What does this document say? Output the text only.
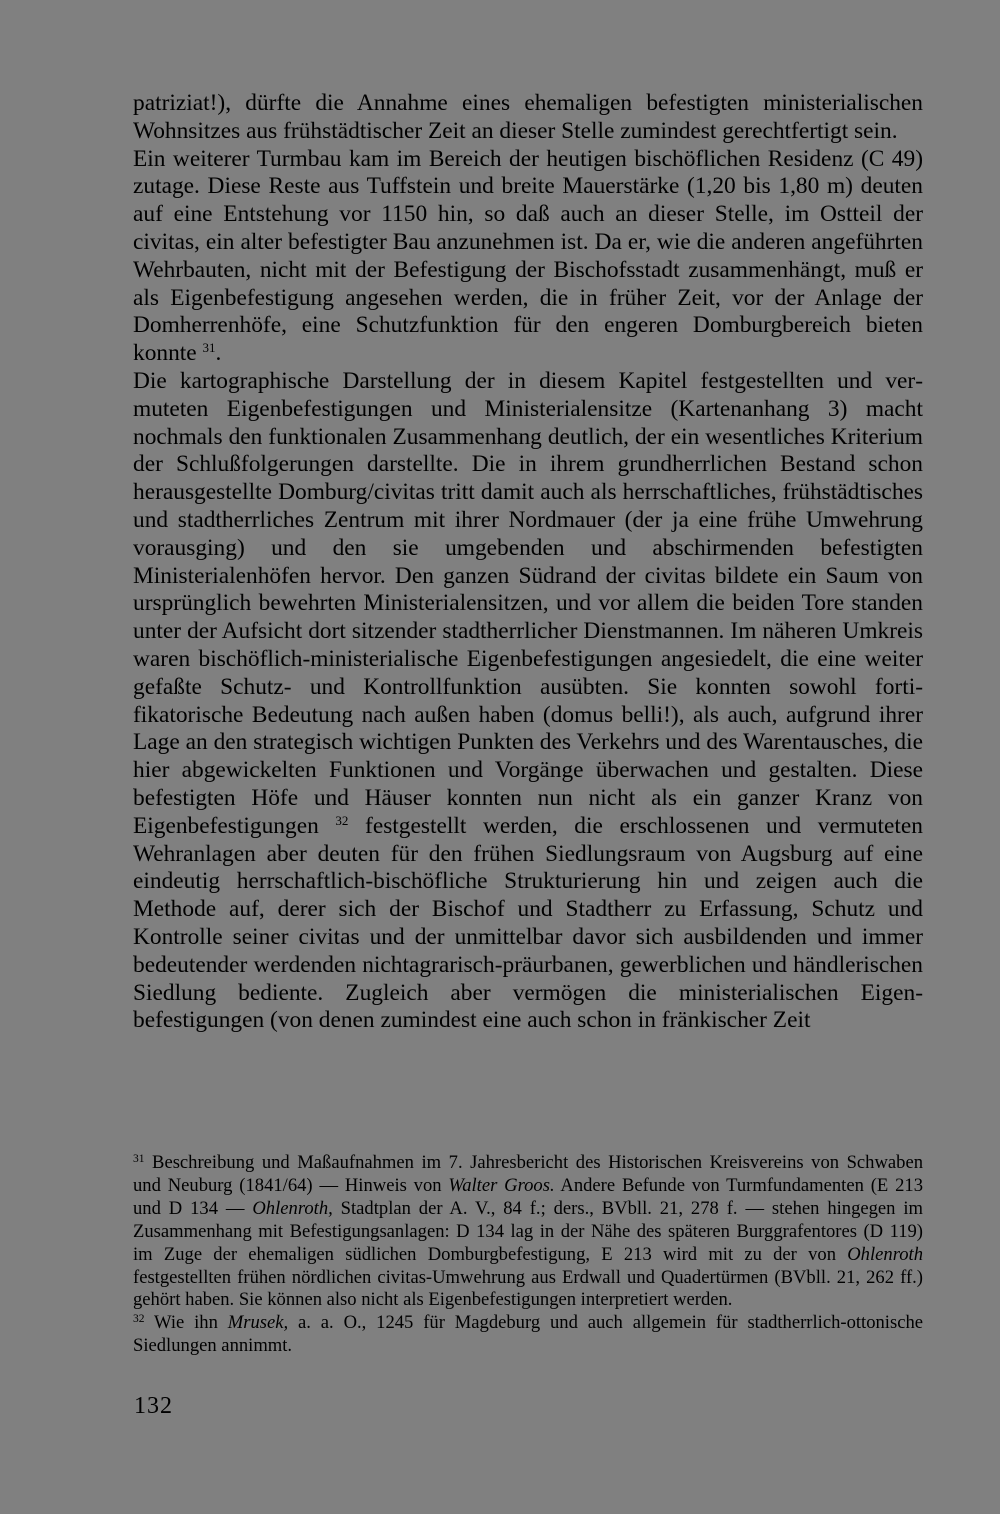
patriziat!), dürfte die Annahme eines ehemaligen befestigten ministerialischen Wohnsitzes aus frühstädtischer Zeit an dieser Stelle zumindest gerechtfertigt sein.

Ein weiterer Turmbau kam im Bereich der heutigen bischöflichen Residenz (C 49) zutage. Diese Reste aus Tuffstein und breite Mauerstärke (1,20 bis 1,80 m) deuten auf eine Entstehung vor 1150 hin, so daß auch an dieser Stelle, im Ostteil der civitas, ein alter befestigter Bau anzunehmen ist. Da er, wie die anderen angeführten Wehrbauten, nicht mit der Befestigung der Bischofsstadt zusammenhängt, muß er als Eigenbefestigung angesehen werden, die in früher Zeit, vor der Anlage der Domherrenhöfe, eine Schutzfunktion für den engeren Domburgbereich bieten konnte $^{31}$.

Die kartographische Darstellung der in diesem Kapitel festgestellten und vermuteten Eigenbefestigungen und Ministerialensitze (Kartenanhang 3) macht nochmals den funktionalen Zusammenhang deutlich, der ein wesentliches Kriterium der Schlußfolgerungen darstellte. Die in ihrem grundherrlichen Bestand schon herausgestellte Domburg/civitas tritt damit auch als herrschaftliches, frühstädtisches und stadtherrliches Zentrum mit ihrer Nordmauer (der ja eine frühe Umwehrung vorausging) und den sie umgebenden und abschirmenden befestigten Ministerialenhöfen hervor. Den ganzen Südrand der civitas bildete ein Saum von ursprünglich bewehrten Ministerialensitzen, und vor allem die beiden Tore standen unter der Aufsicht dort sitzender stadtherrlicher Dienstmannen. Im näheren Umkreis waren bischöflich-ministerialische Eigenbefestigungen angesiedelt, die eine weiter gefaßte Schutz- und Kontrollfunktion ausübten. Sie konnten sowohl fortifikatorische Bedeutung nach außen haben (domus belli!), als auch, aufgrund ihrer Lage an den strategisch wichtigen Punkten des Verkehrs und des Warentausches, die hier abgewickelten Funktionen und Vorgänge überwachen und gestalten. Diese befestigten Höfe und Häuser konnten nun nicht als ein ganzer Kranz von Eigenbefestigungen $^{32}$ festgestellt werden, die erschlossenen und vermuteten Wehranlagen aber deuten für den frühen Siedlungsraum von Augsburg auf eine eindeutig herrschaftlich-bischöfliche Strukturierung hin und zeigen auch die Methode auf, derer sich der Bischof und Stadtherr zu Erfassung, Schutz und Kontrolle seiner civitas und der unmittelbar davor sich ausbildenden und immer bedeutender werdenden nichtagrarisch-präurbanen, gewerblichen und händlerischen Siedlung bediente. Zugleich aber vermögen die ministerialischen Eigenbefestigungen (von denen zumindest eine auch schon in fränkischer Zeit

$^{31}$ Beschreibung und Maßaufnahmen im 7. Jahresbericht des Historischen Kreisvereins von Schwaben und Neuburg (1841/64) — Hinweis von Walter Groos. Andere Befunde von Turmfundamenten (E 213 und D 134 — Ohlenroth, Stadtplan der A. V., 84 f.; ders., BVbll. 21, 278 f. — stehen hingegen im Zusammenhang mit Befestigungsanlagen: D 134 lag in der Nähe des späteren Burggrafentores (D 119) im Zuge der ehemaligen südlichen Domburgbefestigung, E 213 wird mit zu der von Ohlenroth festgestellten frühen nördlichen civitas-Umwehrung aus Erdwall und Quadertürmen (BVbll. 21, 262 ff.) gehört haben. Sie können also nicht als Eigenbefestigungen interpretiert werden.

$^{32}$ Wie ihn Mrusek, a. a. O., 1245 für Magdeburg und auch allgemein für stadtherrlich-ottonische Siedlungen annimmt.

132
